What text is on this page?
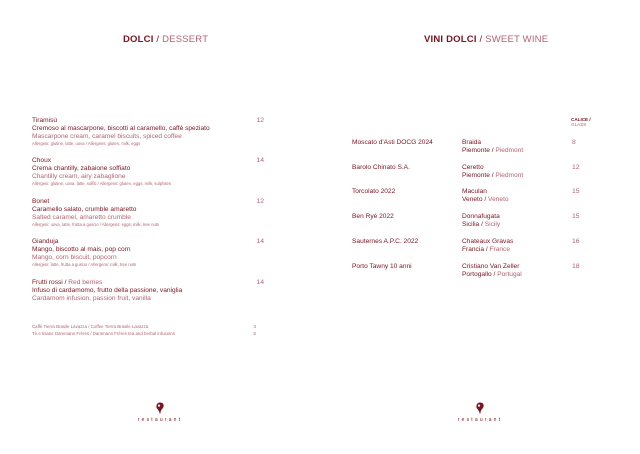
DOLCI / DESSERT
Tiramisù
Cremoso al mascarpone, biscotti al caramello, caffè speziato
Mascarpone cream, caramel biscuits, spiced coffee
Allergeni: glutine, latte, uova / Allergens: gluten, milk, eggs
12
Choux
Crema chantilly, zabaione soffiato
Chantilly cream, airy zabaglione
Allergeni: glutine, uova, latte, solfiti / Allergens: gluten, eggs, milk, sulphites
14
Bonet
Caramello salato, crumble amaretto
Salted caramel, amaretto crumble
Allergeni: uova, latte, frutta a guscio / Allergens: eggs, milk, tree nuts
12
Gianduja
Mango, biscotto al mais, pop corn
Mango, corn biscuit, popcorn
Allergeni: latte, frutta a guscio / Allergens: milk, tree nuts
14
Frutti rossi / Red berries
Infuso di cardamomo, frutto della passione, vaniglia
Cardamom infusion, passion fruit, vanilla
14
Caffè Tierra Brasile Lavazza / Coffee Tierra Brasile Lavazza	3
Tè e tisane Dammann Frères / Dammann Frères tea and herbal infusions	5
restaurant
VINI DOLCI / SWEET WINE
CALICE /
GLASS
Moscato d'Asti DOCG 2024	Braida
Piemonte / Piedmont
8
Barolo Chinato S.A.	Ceretto
Piemonte / Piedmont
12
Torcolato 2022	Maculan
Veneto / Veneto
15
Ben Ryé 2022	Donnafugata
Sicilia / Sicily
15
Sauternes A.P.C. 2022	Chateaux Gravas
Francia / France
16
Porto Tawny 10 anni	Cristiano Van Zeller
Portogallo / Portugal
18
restaurant
